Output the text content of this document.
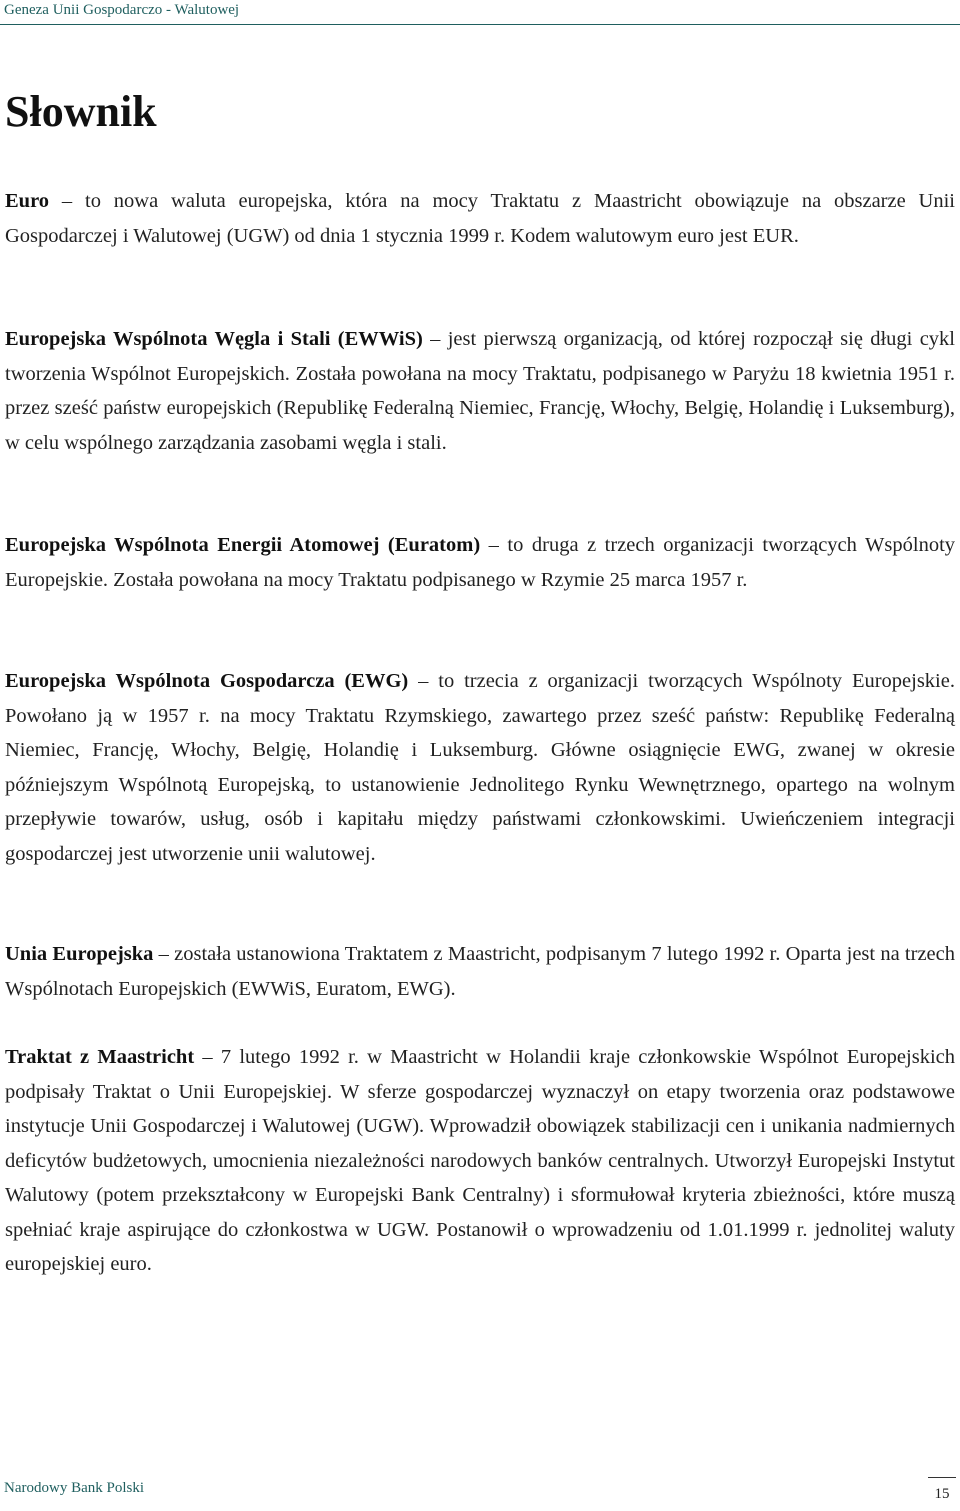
Geneza Unii Gospodarczo - Walutowej
Słownik

Euro – to nowa waluta europejska, która na mocy Traktatu z Maastricht obowiązuje na obszarze Unii Gospodarczej i Walutowej (UGW) od dnia 1 stycznia 1999 r. Kodem walutowym euro jest EUR.

Europejska Wspólnota Węgla i Stali (EWWiS) – jest pierwszą organizacją, od której rozpoczął się długi cykl tworzenia Wspólnot Europejskich. Została powołana na mocy Traktatu, podpisanego w Paryżu 18 kwietnia 1951 r. przez sześć państw europejskich (Republikę Federalną Niemiec, Francję, Włochy, Belgię, Holandię i Luksemburg), w celu wspólnego zarządzania zasobami węgla i stali.

Europejska Wspólnota Energii Atomowej (Euratom) – to druga z trzech organizacji tworzących Wspólnoty Europejskie. Została powołana na mocy Traktatu podpisanego w Rzymie 25 marca 1957 r.

Europejska Wspólnota Gospodarcza (EWG) – to trzecia z organizacji tworzących Wspólnoty Europejskie. Powołano ją w 1957 r. na mocy Traktatu Rzymskiego, zawartego przez sześć państw: Republikę Federalną Niemiec, Francję, Włochy, Belgię, Holandię i Luksemburg. Główne osiągnięcie EWG, zwanej w okresie późniejszym Wspólnotą Europejską, to ustanowienie Jednolitego Rynku Wewnętrznego, opartego na wolnym przepływie towarów, usług, osób i kapitału między państwami członkowskimi. Uwieńczeniem integracji gospodarczej jest utworzenie unii walutowej.

Unia Europejska – została ustanowiona Traktatem z Maastricht, podpisanym 7 lutego 1992 r. Oparta jest na trzech Wspólnotach Europejskich (EWWiS, Euratom, EWG).

Traktat z Maastricht – 7 lutego 1992 r. w Maastricht w Holandii kraje członkowskie Wspólnot Europejskich podpisały Traktat o Unii Europejskiej. W sferze gospodarczej wyznaczył on etapy tworzenia oraz podstawowe instytucje Unii Gospodarczej i Walutowej (UGW). Wprowadził obowiązek stabilizacji cen i unikania nadmiernych deficytów budżetowych, umocnienia niezależności narodowych banków centralnych. Utworzył Europejski Instytut Walutowy (potem przekształcony w Europejski Bank Centralny) i sformułował kryteria zbieżności, które muszą spełniać kraje aspirujące do członkostwa w UGW. Postanowił o wprowadzeniu od 1.01.1999 r. jednolitej waluty europejskiej euro.

Narodowy Bank Polski	15
